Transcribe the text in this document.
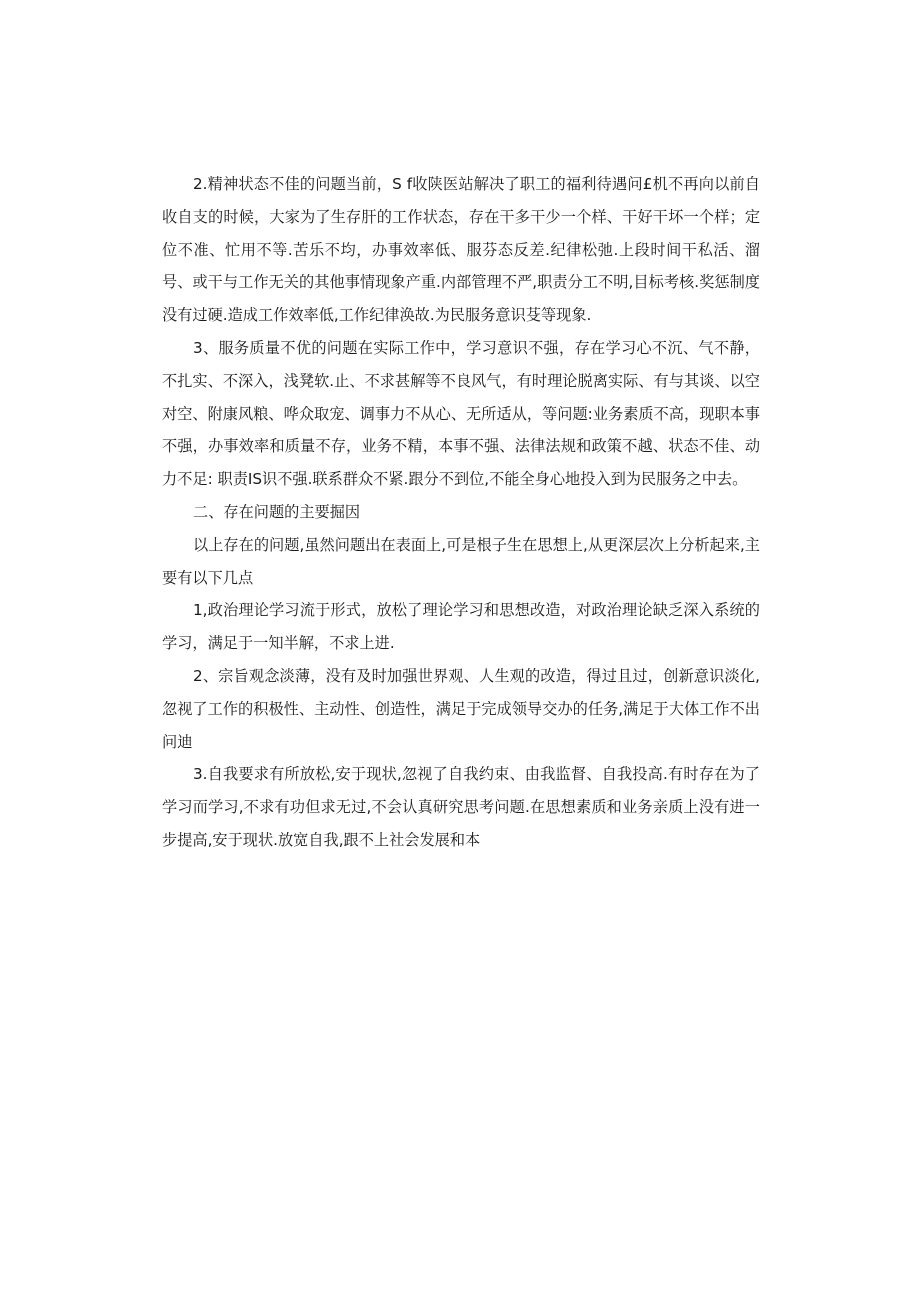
2.精神状态不佳的问题当前，S f收陕医站解决了职工的福利待遇问£机不再向以前自收自支的时候，大家为了生存肝的工作状态，存在干多干少一个样、干好干坏一个样；定位不准、忙用不等.苦乐不均，办事效率低、服芬态反差.纪律松弛.上段时间干私活、溜号、或干与工作无关的其他事情现象产重.内部管理不严,职责分工不明,目标考核.奖惩制度没有过硬.造成工作效率低,工作纪律涣故.为民服务意识芟等现象.

3、服务质量不优的问题在实际工作中，学习意识不强，存在学习心不沉、气不静，不扎实、不深入，浅凳软.止、不求甚解等不良风气，有时理论脱离实际、有与其谈、以空对空、附康风粮、哗众取宠、调事力不从心、无所适从，等问题:业务素质不高，现职本事不强，办事效率和质量不存，业务不精，本事不强、法律法规和政策不越、状态不佳、动力不足: 职责IS识不强.联系群众不紧.跟分不到位,不能全身心地投入到为民服务之中去。

二、存在问题的主要掘因

以上存在的问题,虽然问题出在表面上,可是根子生在思想上,从更深层次上分析起来,主要有以下几点

1,政治理论学习流于形式，放松了理论学习和思想改造，对政治理论缺乏深入系统的学习，满足于一知半解，不求上进.

2、宗旨观念淡薄，没有及时加强世界观、人生观的改造，得过且过，创新意识淡化,忽视了工作的积极性、主动性、创造性，满足于完成领导交办的任务,满足于大体工作不出问迪

3.自我要求有所放松,安于现状,忽视了自我约束、由我监督、自我投高.有时存在为了学习而学习,不求有功但求无过,不会认真研究思考问题.在思想素质和业务亲质上没有进一步提高,安于现状.放宽自我,跟不上社会发展和本
